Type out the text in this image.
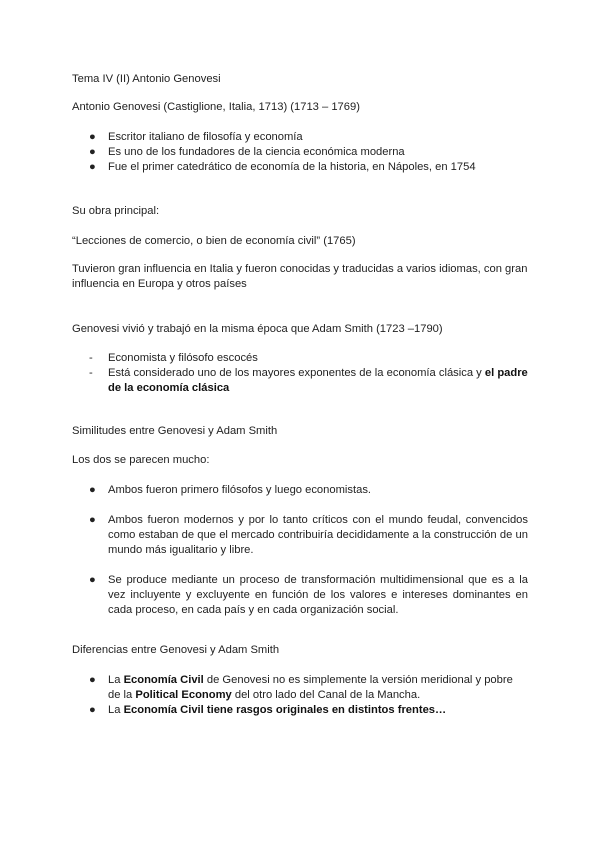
Tema IV (II) Antonio Genovesi

Antonio Genovesi (Castiglione, Italia, 1713) (1713 – 1769)

● Escritor italiano de filosofía y economía
● Es uno de los fundadores de la ciencia económica moderna
● Fue el primer catedrático de economía de la historia, en Nápoles, en 1754

Su obra principal:

“Lecciones de comercio, o bien de economía civil” (1765)

Tuvieron gran influencia en Italia y fueron conocidas y traducidas a varios idiomas, con gran influencia en Europa y otros países

Genovesi vivió y trabajó en la misma época que Adam Smith (1723 –1790)

- Economista y filósofo escocés
- Está considerado uno de los mayores exponentes de la economía clásica y el padre de la economía clásica

Similitudes entre Genovesi y Adam Smith

Los dos se parecen mucho:

● Ambos fueron primero filósofos y luego economistas.
● Ambos fueron modernos y por lo tanto críticos con el mundo feudal, convencidos como estaban de que el mercado contribuiría decididamente a la construcción de un mundo más igualitario y libre.
● Se produce mediante un proceso de transformación multidimensional que es a la vez incluyente y excluyente en función de los valores e intereses dominantes en cada proceso, en cada país y en cada organización social.

Diferencias entre Genovesi y Adam Smith

● La Economía Civil de Genovesi no es simplemente la versión meridional y pobre de la Political Economy del otro lado del Canal de la Mancha.
● La Economía Civil tiene rasgos originales en distintos frentes…
